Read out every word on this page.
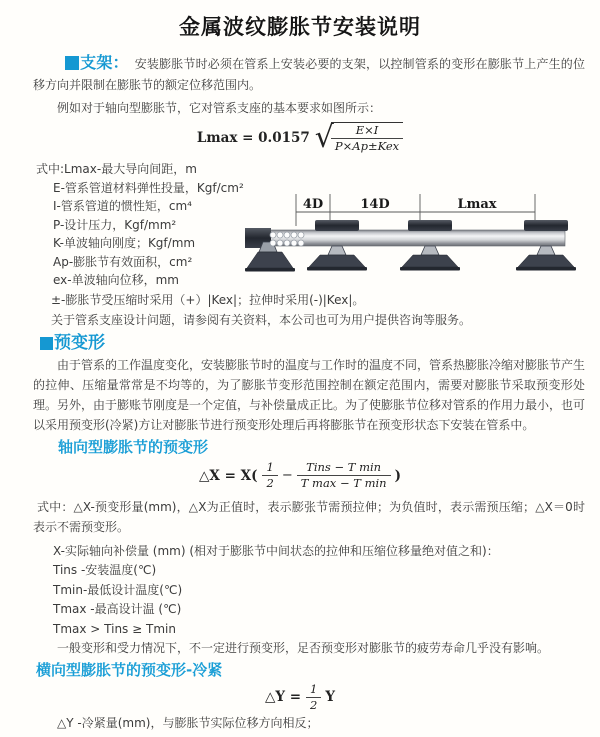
金属波纹膨胀节安装说明

支架： 安装膨胀节时必须在管系上安装必要的支架，以控制管系的变形在膨胀节上产生的位移方向并限制在膨胀节的额定位移范围内。

例如对于轴向型膨胀节，它对管系支座的基本要求如图所示：

Lmax = 0.0157 √
$\frac{E\times I}{\text{P×Ap±Kex}}$
式中:Lmax-最大导向间距，m
E-管系管道材料弹性投量，Kgf/cm²
I-管系管道的惯性矩，cm⁴
P-设计压力，Kgf/mm²
K-单波轴向刚度；Kgf/mm
Ap-膨胀节有效面积，cm²
ex-单波轴向位移，mm

±-膨胀节受压缩时采用（+）|Kex|；拉伸时采用(-)|Kex|。

关于管系支座设计问题，请参阅有关资料，本公司也可为用户提供咨询等服务。

4D	14D	Lmax
预变形

由于管系的工作温度变化，安装膨胀节时的温度与工作时的温度不同，管系热膨胀冷缩对膨胀节产生的拉伸、压缩量常常是不均等的，为了膨胀节变形范围控制在额定范围内，需要对膨胀节采取预变形处理。另外，由于膨账节刚度是一个定值，与补偿量成正比。为了使膨胀节位移对管系的作用力最小，也可以采用预变形(冷紧)方让对膨胀节进行预变形处理后再将膨胀节在预变形状态下安装在管系中。

轴向型膨胀节的预变形
△X = $X( \frac{1}{2} - \frac{\text{Tins − T min}}{\text{T max − T min}}$ )

式中：△X-预变形量(mm)，△X为正值时，表示膨张节需预拉伸；为负值时，表示需预压缩；△X＝0时表示不需预变形。

X-实际轴向补偿量 (mm) (相对于膨胀节中间状态的拉伸和压缩位移量绝对值之和)：
Tins -安装温度(℃)
Tmin-最低设计温度(℃)
Tmax -最高设计温 (℃)
Tmax > Tins ≥ Tmin

一般变形和受力情况下，不一定进行预变形，足否预变形对膨胀节的疲劳寿命几乎没有影响。

横向型膨胀节的预变形-冷紧
△Y = $\frac{1}{2}$ Y

△Y -冷紧量(mm)，与膨胀节实际位移方向相反；
